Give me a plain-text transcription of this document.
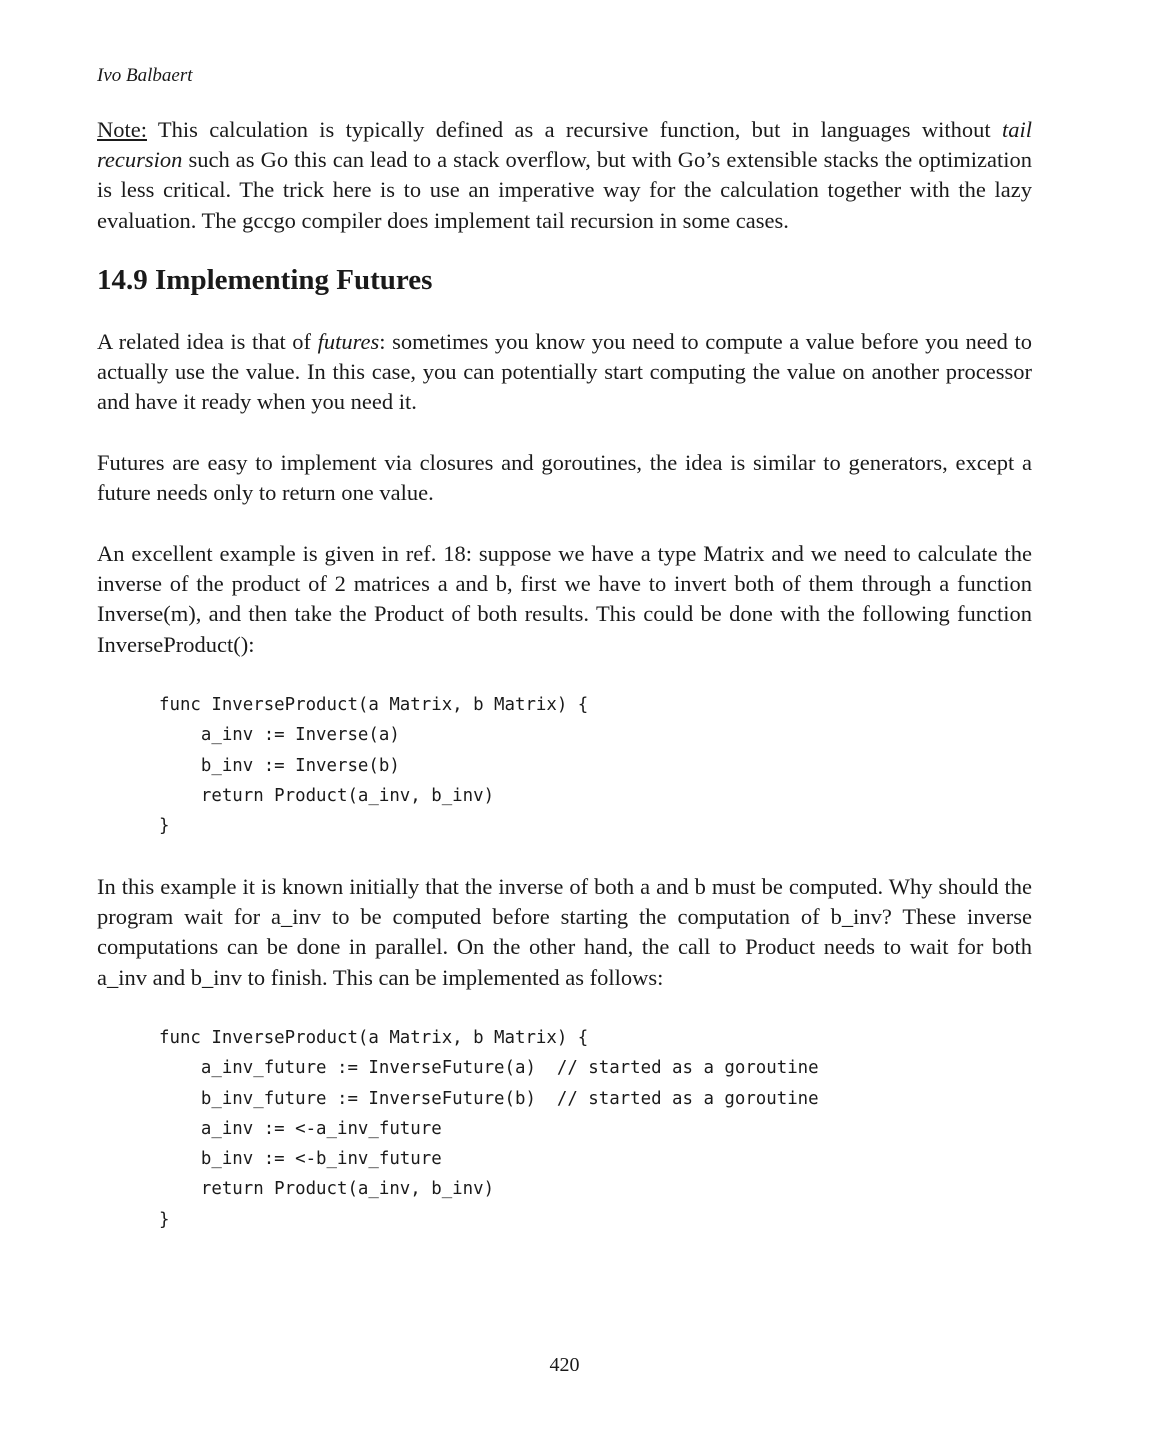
Ivo Balbaert

Note: This calculation is typically defined as a recursive function, but in languages without tail recursion such as Go this can lead to a stack overflow, but with Go’s extensible stacks the optimization is less critical. The trick here is to use an imperative way for the calculation together with the lazy evaluation. The gccgo compiler does implement tail recursion in some cases.

14.9 Implementing Futures

A related idea is that of futures: sometimes you know you need to compute a value before you need to actually use the value. In this case, you can potentially start computing the value on another processor and have it ready when you need it.

Futures are easy to implement via closures and goroutines, the idea is similar to generators, except a future needs only to return one value.

An excellent example is given in ref. 18: suppose we have a type Matrix and we need to calculate the inverse of the product of 2 matrices a and b, first we have to invert both of them through a function Inverse(m), and then take the Product of both results. This could be done with the following function InverseProduct():

func InverseProduct(a Matrix, b Matrix) {
a_inv := Inverse(a)
b_inv := Inverse(b)
return Product(a_inv, b_inv)
}

In this example it is known initially that the inverse of both a and b must be computed. Why should the program wait for a_inv to be computed before starting the computation of b_inv? These inverse computations can be done in parallel. On the other hand, the call to Product needs to wait for both a_inv and b_inv to finish. This can be implemented as follows:

func InverseProduct(a Matrix, b Matrix) {
a_inv_future := InverseFuture(a)  // started as a goroutine
b_inv_future := InverseFuture(b)  // started as a goroutine
a_inv := <-a_inv_future
b_inv := <-b_inv_future
return Product(a_inv, b_inv)
}
420
